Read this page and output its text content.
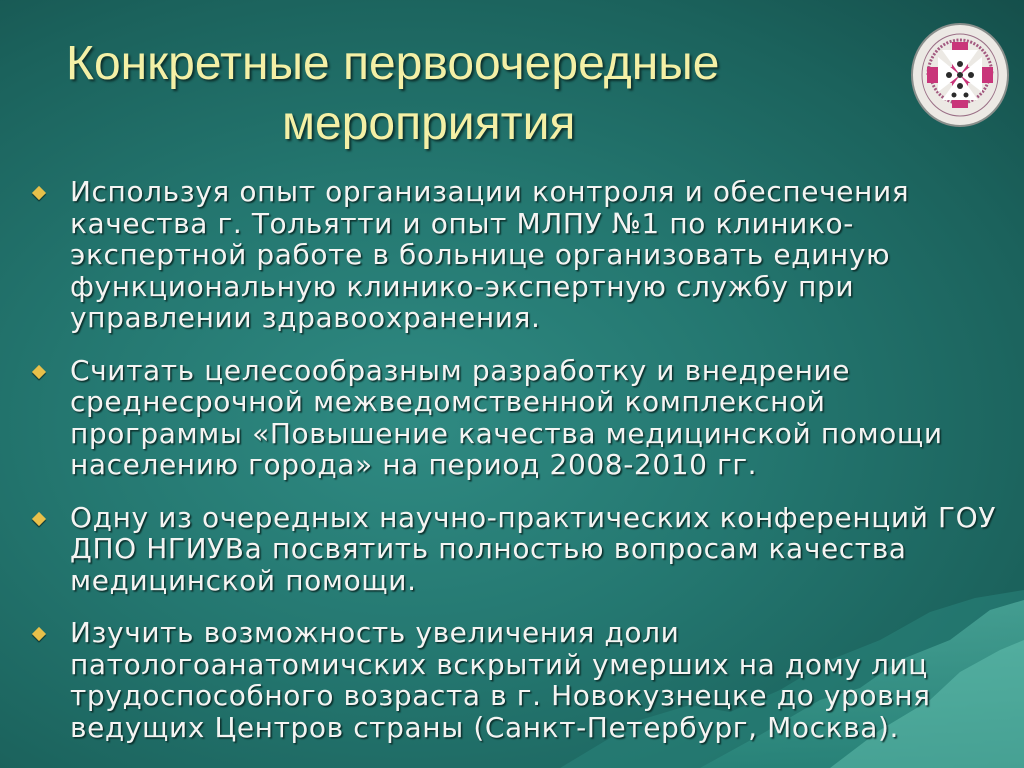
Конкретные первоочередные
мероприятия
Используя опыт организации контроля и обеспечения качества г. Тольятти и опыт МЛПУ №1 по клинико-экспертной работе в больнице организовать единую функциональную клинико-экспертную службу при управлении здравоохранения.
Считать целесообразным разработку и внедрение среднесрочной межведомственной комплексной программы «Повышение качества медицинской помощи населению города» на период 2008-2010 гг.
Одну из очередных научно-практических конференций ГОУ ДПО НГИУВа посвятить полностью вопросам качества медицинской помощи.
Изучить возможность увеличения доли патологоанатомичских вскрытий умерших на дому лиц трудоспособного возраста в г. Новокузнецке до уровня ведущих Центров страны (Санкт-Петербург, Москва).
